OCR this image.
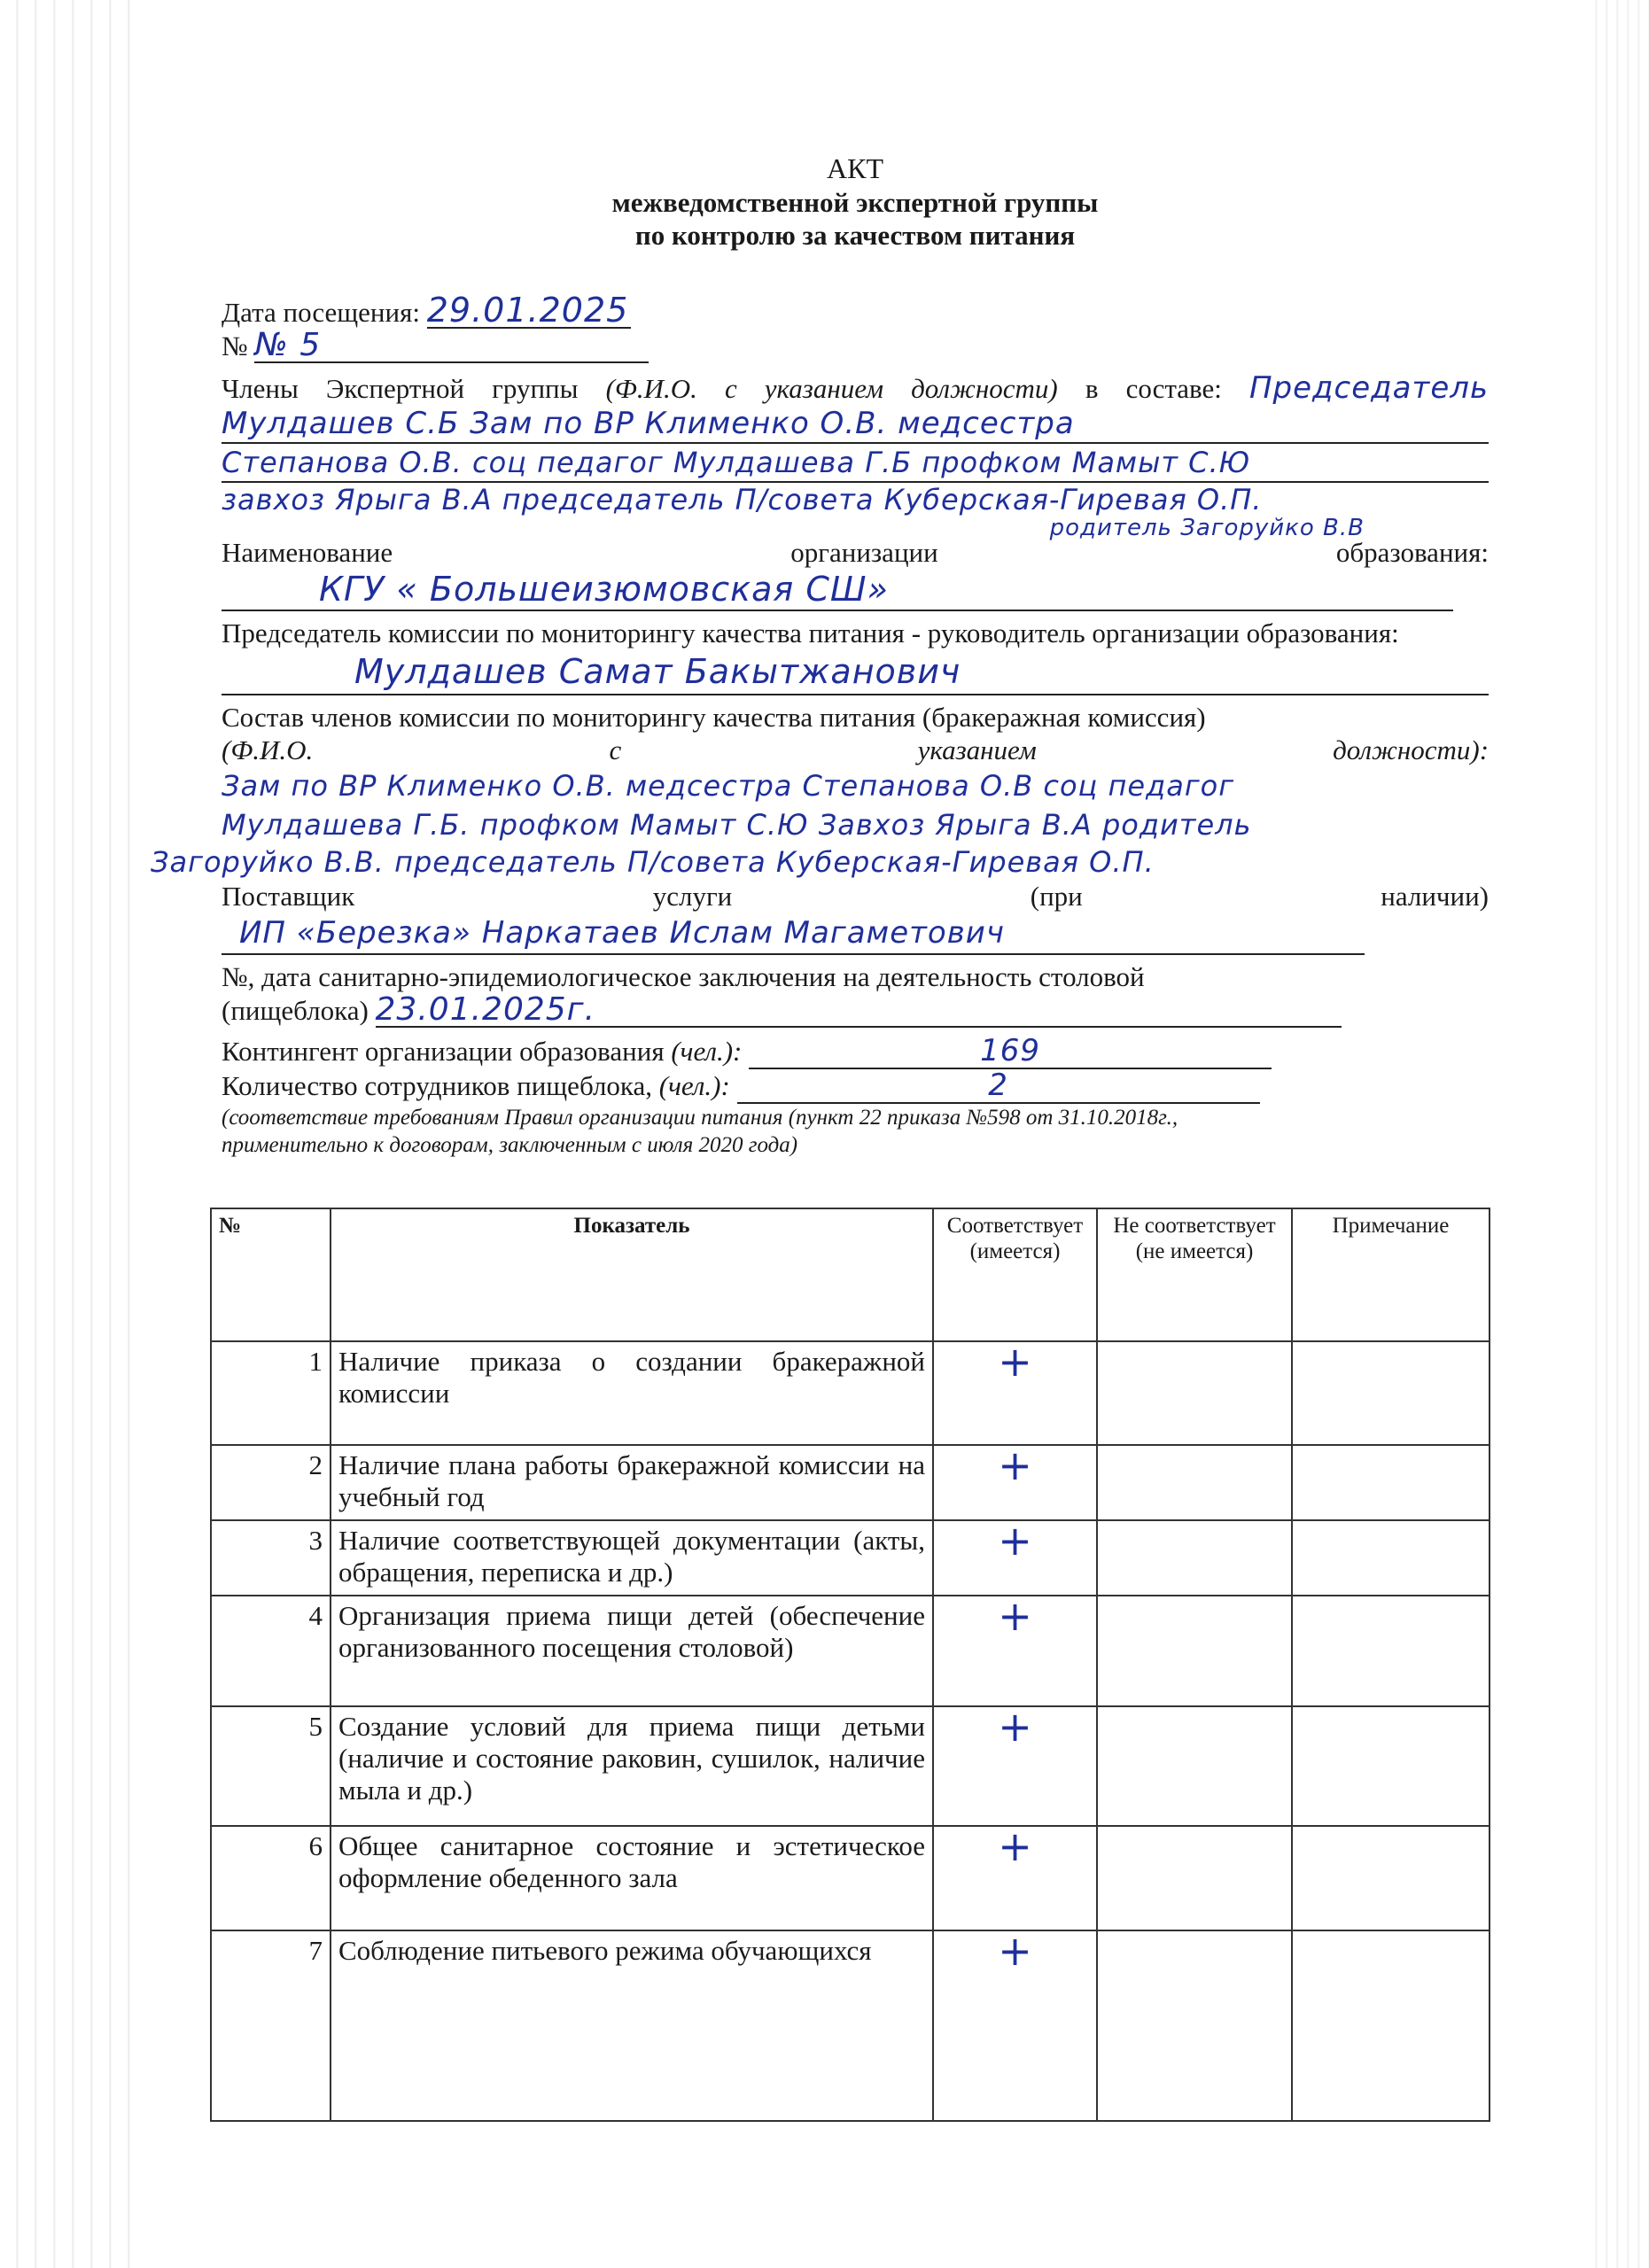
АКТ
межведомственной экспертной группы
по контролю за качеством питания
Дата посещения: 29.01.2025
№ № 5
Члены Экспертной группы (Ф.И.О. с указанием должности) в составе: Председатель
Мулдашев С.Б Зам по ВР Клименко О.В. медсестра Степанова О.В. соц педагог Мулдашева Г.Б профком Мамыт С.Ю
завхоз Ярыга В.А председатель П/совета Куберская-Гиревая О.П.
родитель Загоруйко В.В
Наименование	организации	образования:
КГУ « Большеизюмовская СШ»
Председатель комиссии по мониторингу качества питания - руководитель организации образования:
Мулдашев Самат Бакытжанович
Состав членов комиссии по мониторингу качества питания (бракеражная комиссия)
(Ф.И.О.	с	указанием	должности):
Зам по ВР Клименко О.В. медсестра Степанова О.В соц педагог
Мулдашева Г.Б. профком Мамыт С.Ю Завхоз Ярыга В.А родитель
Загоруйко В.В. председатель П/совета Куберская-Гиревая О.П.
Поставщик	услуги	(при	наличии)
ИП «Березка» Наркатаев Ислам Магаметович
№, дата санитарно-эпидемиологическое заключения на деятельность столовой
(пищеблока) 23.01.2025г.
Контингент организации образования (чел.):	169
Количество сотрудников пищеблока, (чел.):	2
(соответствие требованиям Правил организации питания (пункт 22 приказа №598 от 31.10.2018г.,
применительно к договорам, заключенным с июля 2020 года)
№	Показатель	Соответствует (имеется)	Не соответствует (не имеется)	Примечание
1	Наличие приказа о создании бракеражной комиссии	+		
2	Наличие плана работы бракеражной комиссии на учебный год	+		
3	Наличие соответствующей документации (акты, обращения, переписка и др.)	+		
4	Организация приема пищи детей (обеспечение организованного посещения столовой)	+		
5	Создание условий для приема пищи детьми (наличие и состояние раковин, сушилок, наличие мыла и др.)	+		
6	Общее санитарное состояние и эстетическое оформление обеденного зала	+		
7	Соблюдение питьевого режима обучающихся	+		
